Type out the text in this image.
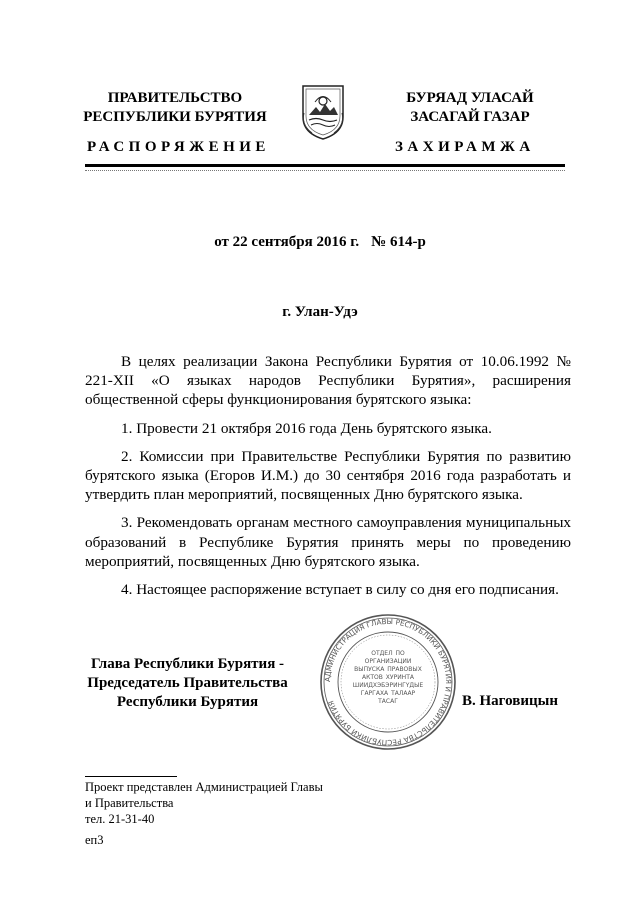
ПРАВИТЕЛЬСТВО
РЕСПУБЛИКИ БУРЯТИЯ
БУРЯАД УЛАСАЙ
ЗАСАГАЙ ГАЗАР
РАСПОРЯЖЕНИЕ	ЗАХИРАМЖА
от 22 сентября 2016 г. № 614-р
г. Улан-Удэ

В целях реализации Закона Республики Бурятия от 10.06.1992 № 221-XII «О языках народов Республики Бурятия», расширения общественной сферы функционирования бурятского языка:

1. Провести 21 октября 2016 года День бурятского языка.

2. Комиссии при Правительстве Республики Бурятия по развитию бурятского языка (Егоров И.М.) до 30 сентября 2016 года разработать и утвердить план мероприятий, посвященных Дню бурятского языка.

3. Рекомендовать органам местного самоуправления муниципальных образований в Республике Бурятия принять меры по проведению мероприятий, посвященных Дню бурятского языка.

4. Настоящее распоряжение вступает в силу со дня его подписания.

Глава Республики Бурятия -
Председатель Правительства
Республики Бурятия
АДМИНИСТРАЦИЯ ГЛАВЫ РЕСПУБЛИКИ БУРЯТИЯ И ПРАВИТЕЛЬСТВА РЕСПУБЛИКИ БУРЯТИЯ
ОТДЕЛ ПО ОРГАНИЗАЦИИ ВЫПУСКА ПРАВОВЫХ АКТОВ ХУРИНТА ШИИДХЭБЭРИНГҮДЫЕ ГАРГАХА ТАЛААР ТАСАГ	В. Наговицын
Проект представлен Администрацией Главы
и Правительства
тел. 21-31-40
еп3
